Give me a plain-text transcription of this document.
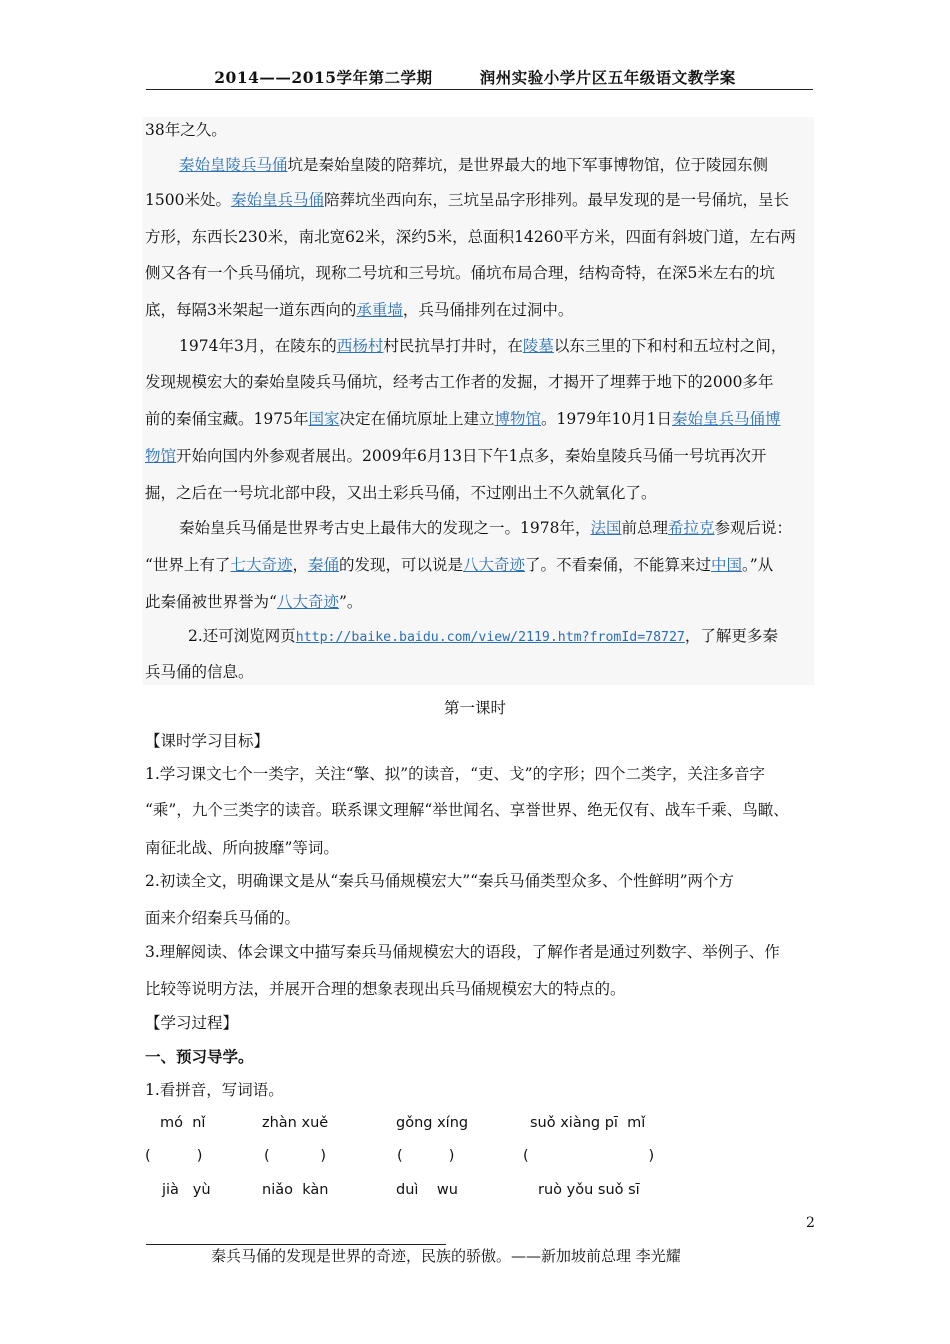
2014——2015学年第二学期        润州实验小学片区五年级语文教学案
38年之久。
秦始皇陵兵马俑坑是秦始皇陵的陪葬坑，是世界最大的地下军事博物馆，位于陵园东侧
1500米处。秦始皇兵马俑陪葬坑坐西向东，三坑呈品字形排列。最早发现的是一号俑坑，呈长
方形，东西长230米，南北宽62米，深约5米，总面积14260平方米，四面有斜坡门道，左右两
侧又各有一个兵马俑坑，现称二号坑和三号坑。俑坑布局合理，结构奇特，在深5米左右的坑
底，每隔3米架起一道东西向的承重墙，兵马俑排列在过洞中。
1974年3月，在陵东的西杨村村民抗旱打井时，在陵墓以东三里的下和村和五垃村之间，
发现规模宏大的秦始皇陵兵马俑坑，经考古工作者的发掘，才揭开了埋葬于地下的2000多年
前的秦俑宝藏。1975年国家决定在俑坑原址上建立博物馆。1979年10月1日秦始皇兵马俑博
物馆开始向国内外参观者展出。2009年6月13日下午1点多，秦始皇陵兵马俑一号坑再次开
掘，之后在一号坑北部中段，又出土彩兵马俑，不过刚出土不久就氧化了。
秦始皇兵马俑是世界考古史上最伟大的发现之一。1978年，法国前总理希拉克参观后说：
“世界上有了七大奇迹，秦俑的发现，可以说是八大奇迹了。不看秦俑，不能算来过中国。”从
此秦俑被世界誉为“八大奇迹”。
2.还可浏览网页http://baike.baidu.com/view/2119.htm?fromId=78727，了解更多秦
兵马俑的信息。
第一课时
【课时学习目标】
1.学习课文七个一类字，关注“擎、拟”的读音，“吏、戈”的字形；四个二类字，关注多音字
“乘”，九个三类字的读音。联系课文理解“举世闻名、享誉世界、绝无仅有、战车千乘、鸟瞰、
南征北战、所向披靡”等词。
2.初读全文，明确课文是从“秦兵马俑规模宏大”“秦兵马俑类型众多、个性鲜明”两个方
面来介绍秦兵马俑的。
3.理解阅读、体会课文中描写秦兵马俑规模宏大的语段，了解作者是通过列数字、举例子、作
比较等说明方法，并展开合理的想象表现出兵马俑规模宏大的特点的。
【学习过程】
一、预习导学。
1.看拼音，写词语。
mó  nǐ	zhàn xuě	gǒng xíng	suǒ xiàng pī  mǐ
(          )	(           )	(          )	(                          )
jià   yù	niǎo  kàn	duì    wu	ruò yǒu suǒ sī
2
秦兵马俑的发现是世界的奇迹，民族的骄傲。——新加坡前总理 李光耀
